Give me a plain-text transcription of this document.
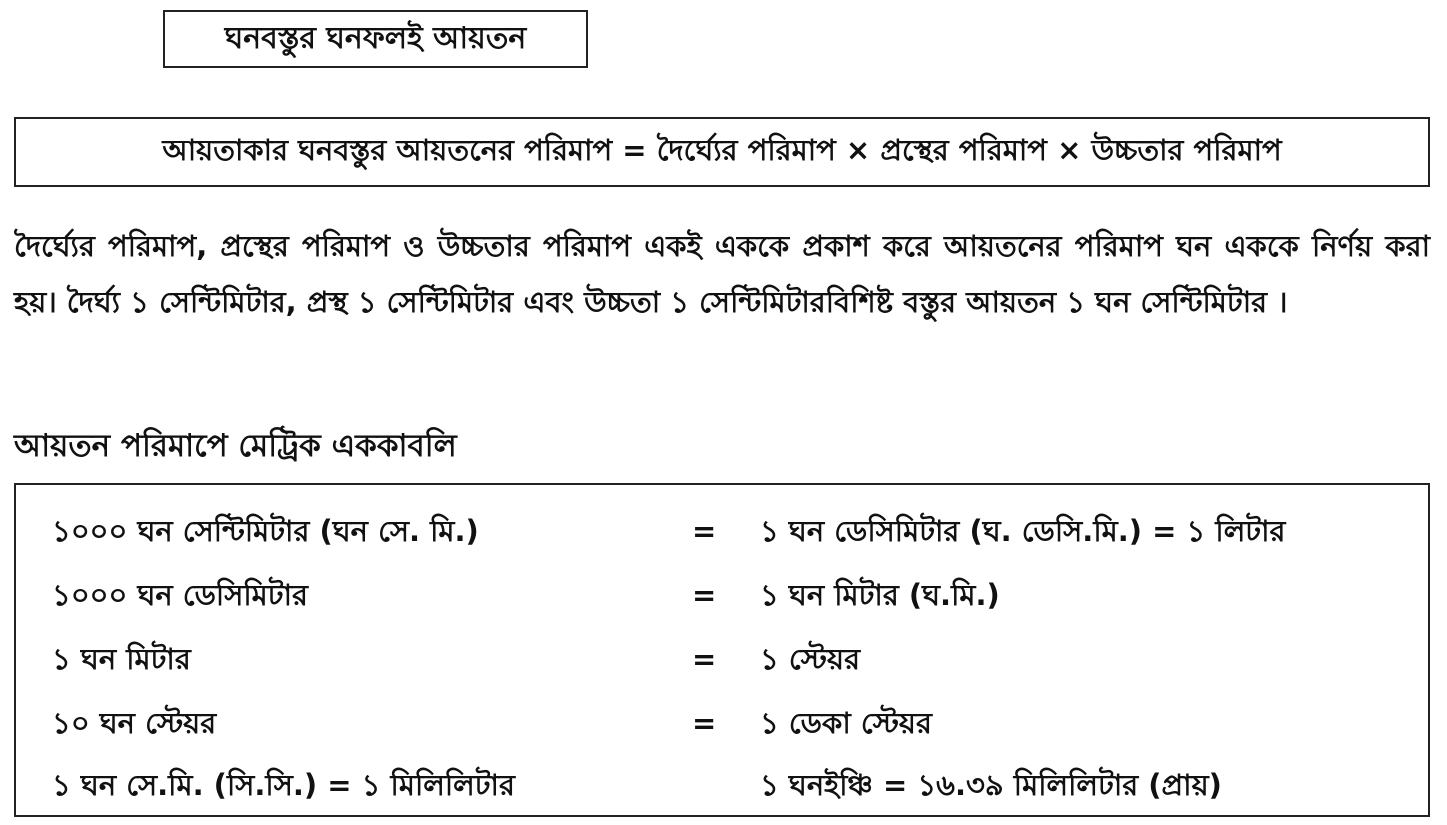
ঘনবস্তুর ঘনফলই আয়তন
আয়তাকার ঘনবস্তুর আয়তনের পরিমাপ = দৈর্ঘ্যের পরিমাপ × প্রস্থের পরিমাপ × উচ্চতার পরিমাপ
দৈর্ঘ্যের পরিমাপ, প্রস্থের পরিমাপ ও উচ্চতার পরিমাপ একই এককে প্রকাশ করে আয়তনের পরিমাপ ঘন এককে নির্ণয় করা হয়। দৈর্ঘ্য ১ সেন্টিমিটার, প্রস্থ ১ সেন্টিমিটার এবং উচ্চতা ১ সেন্টিমিটারবিশিষ্ট বস্তুর আয়তন ১ ঘন সেন্টিমিটার ।
আয়তন পরিমাপে মেট্রিক এককাবলি
১০০০ ঘন সেন্টিমিটার (ঘন সে. মি.)	= ১ ঘন ডেসিমিটার (ঘ. ডেসি.মি.) = ১ লিটার
১০০০ ঘন ডেসিমিটার	= ১ ঘন মিটার (ঘ.মি.)
১ ঘন মিটার	= ১ স্টেয়র
১০ ঘন স্টেয়র	= ১ ডেকা স্টেয়র
১ ঘন সে.মি. (সি.সি.) = ১ মিলিলিটার	১ ঘনইঞ্চি = ১৬.৩৯ মিলিলিটার (প্রায়)
